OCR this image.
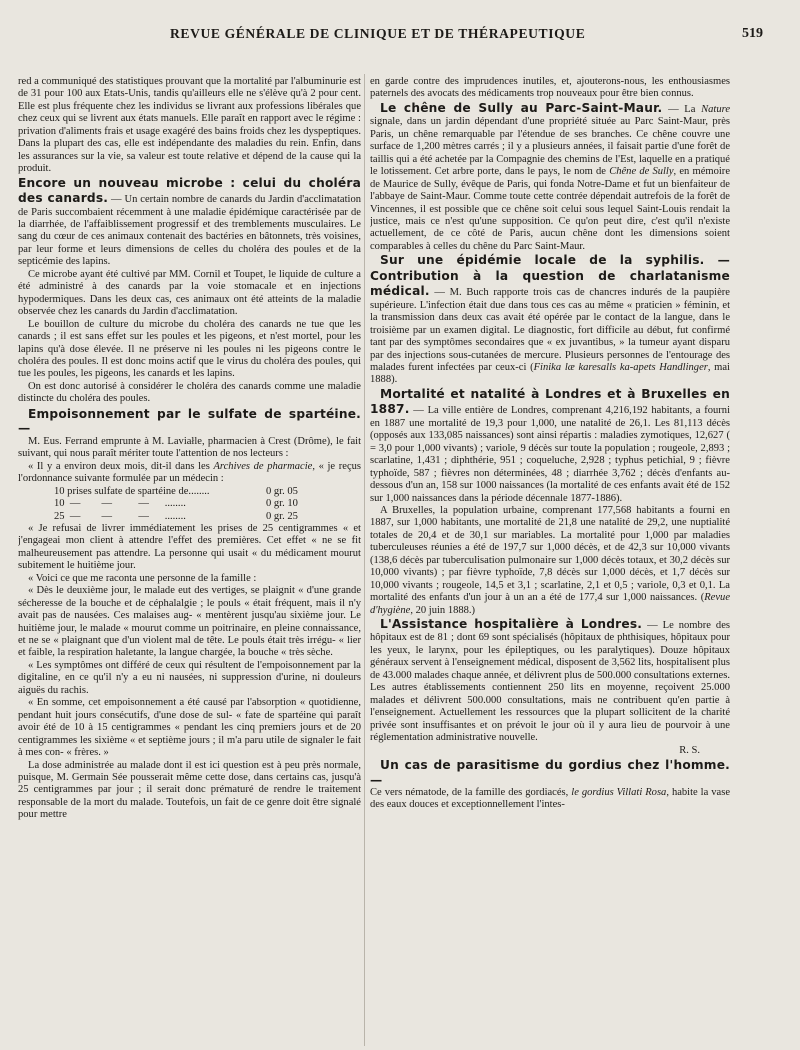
REVUE GÉNÉRALE DE CLINIQUE ET DE THÉRAPEUTIQUE	519

red a communiqué des statistiques prouvant que la mortalité par l'albuminurie est de 31 pour 100 aux Etats-Unis, tandis qu'ailleurs elle ne s'élève qu'à 2 pour cent. Elle est plus fréquente chez les individus se livrant aux professions libérales que chez ceux qui se livrent aux états manuels. Elle paraît en rapport avec le régime : privation d'aliments frais et usage exagéré des bains froids chez les dyspeptiques. Dans la plupart des cas, elle est indépendante des maladies du rein. Enfin, dans les assurances sur la vie, sa valeur est toute relative et dépend de la cause qui la produit.

Encore un nouveau microbe : celui du choléra des canards. — Un certain nombre de canards du Jardin d'acclimatation de Paris succombaient récemment à une maladie épidémique caractérisée par de la diarrhée, de l'affaiblissement progressif et des tremblements musculaires. Le sang du cœur de ces animaux contenait des bactéries en bâtonnets, très voisines, par leur forme et leurs dimensions de celles du choléra des poules et de la septicémie des lapins.

Ce microbe ayant été cultivé par MM. Cornil et Toupet, le liquide de culture a été administré à des canards par la voie stomacale et en injections hypodermiques. Dans les deux cas, ces animaux ont été atteints de la maladie observée chez les canards du Jardin d'acclimatation.

Le bouillon de culture du microbe du choléra des canards ne tue que les canards ; il est sans effet sur les poules et les pigeons, et n'est mortel, pour les lapins qu'à dose élevée. Il ne préserve ni les poules ni les pigeons contre le choléra des poules. Il est donc moins actif que le virus du choléra des poules, qui tue les poules, les pigeons, les canards et les lapins.

On est donc autorisé à considérer le choléra des canards comme une maladie distincte du choléra des poules.

Empoisonnement par le sulfate de spartéine. —

M. Eus. Ferrand emprunte à M. Laviałle, pharmacien à Crest (Drôme), le fait suivant, qui nous paraît mériter toute l'attention de nos lecteurs :

« Il y a environ deux mois, dit-il dans les Archives de pharmacie, « je reçus l'ordonnance suivante formulée par un médecin :

10 prises sulfate de spartéine de........	0 gr. 05
10  —        —          —      ........	0 gr. 10
25  —        —          —      ........	0 gr. 25

« Je refusai de livrer immédiatement les prises de 25 centigrammes « et j'engageai mon client à attendre l'effet des premières. Cet effet « ne se fit malheureusement pas attendre. La personne qui usait « du médicament mourut subitement le huitième jour.

« Voici ce que me raconta une personne de la famille :

« Dès le deuxième jour, le malade eut des vertiges, se plaignit « d'une grande sécheresse de la bouche et de céphalalgie ; le pouls « était fréquent, mais il n'y avait pas de nausées. Ces malaises aug- « mentèrent jusqu'au sixième jour. Le huitième jour, le malade « mourut comme un poitrinaire, en pleine connaissance, et ne se « plaignant que d'un violent mal de tête. Le pouls était très irrégu- « lier et faible, la respiration haletante, la langue chargée, la bouche « très sèche.

« Les symptômes ont différé de ceux qui résultent de l'empoisonnement par la digitaline, en ce qu'il n'y a eu ni nausées, ni suppression d'urine, ni douleurs aiguës du rachis.

« En somme, cet empoisonnement a été causé par l'absorption « quotidienne, pendant huit jours consécutifs, d'une dose de sul- « fate de spartéine qui paraît avoir été de 10 à 15 centigrammes « pendant les cinq premiers jours et de 20 centigrammes les sixième « et septième jours ; il m'a paru utile de signaler le fait à mes con- « frères. »

La dose administrée au malade dont il est ici question est à peu près normale, puisque, M. Germain Sée pousserait même cette dose, dans certains cas, jusqu'à 25 centigrammes par jour ; il serait donc prématuré de rendre le traitement responsable de la mort du malade. Toutefois, un fait de ce genre doit être signalé pour mettre

en garde contre des imprudences inutiles, et, ajouterons-nous, les enthousiasmes paternels des avocats des médicaments trop nouveaux pour être bien connus.

Le chêne de Sully au Parc-Saint-Maur. — La Nature signale, dans un jardin dépendant d'une propriété située au Parc Saint-Maur, près Paris, un chêne remarquable par l'étendue de ses branches. Ce chêne couvre une surface de 1,200 mètres carrés ; il y a plusieurs années, il faisait partie d'une forêt de taillis qui a été achetée par la Compagnie des chemins de l'Est, laquelle en a pratiqué le lotissement. Cet arbre porte, dans le pays, le nom de Chêne de Sully, en mémoire de Maurice de Sully, évêque de Paris, qui fonda Notre-Dame et fut un bienfaiteur de l'abbaye de Saint-Maur. Comme toute cette contrée dépendait autrefois de la forêt de Vincennes, il est possible que ce chêne soit celui sous lequel Saint-Louis rendait la justice, mais ce n'est qu'une supposition. Ce qu'on peut dire, c'est qu'il n'existe actuellement, de ce côté de Paris, aucun chêne dont les dimensions soient comparables à celles du chêne du Parc Saint-Maur.

Sur une épidémie locale de la syphilis. — Contribution à la question de charlatanisme médical. — M. Buch rapporte trois cas de chancres indurés de la paupière supérieure. L'infection était due dans tous ces cas au même « praticien » féminin, et la transmission dans deux cas avait été opérée par le contact de la langue, dans le troisième par un examen digital. Le diagnostic, fort difficile au début, fut confirmé tant par des symptômes secondaires que « ex juvantibus, » la tumeur ayant disparu par des injections sous-cutanées de mercure. Plusieurs personnes de l'entourage des malades furent infectées par ceux-ci (Finika læ karesalls ka-apets Handlinger, mai 1888).

Mortalité et natalité à Londres et à Bruxelles en 1887. — La ville entière de Londres, comprenant 4,216,192 habitants, a fourni en 1887 une mortalité de 19,3 pour 1,000, une natalité de 26,1. Les 81,113 décès (opposés aux 133,085 naissances) sont ainsi répartis : maladies zymotiques, 12,627 ( = 3,0 pour 1,000 vivants) ; variole, 9 décès sur toute la population ; rougeole, 2,893 ; scarlatine, 1,431 ; diphthérie, 951 ; coqueluche, 2,928 ; typhus petichial, 9 ; fièvre typhoïde, 587 ; fièvres non déterminées, 48 ; diarrhée 3,762 ; décès d'enfants au-dessous d'un an, 158 sur 1000 naissances (la mortalité de ces enfants avait été de 152 sur 1,000 naissances dans la période décennale 1877-1886).

A Bruxelles, la population urbaine, comprenant 177,568 habitants a fourni en 1887, sur 1,000 habitants, une mortalité de 21,8 une natalité de 29,2, une nuptialité totales de 20,4 et de 30,1 sur mariables. La mortalité pour 1,000 par maladies tuberculeuses réunies a été de 197,7 sur 1,000 décès, et de 42,3 sur 10,000 vivants (138,6 décès par tuberculisation pulmonaire sur 1,000 décès totaux, et 30,2 décès sur 10,000 vivants) ; par fièvre typhoïde, 7,8 décès sur 1,000 décès, et 1,7 décès sur 10,000 vivants ; rougeole, 14,5 et 3,1 ; scarlatine, 2,1 et 0,5 ; variole, 0,3 et 0,1. La mortalité des enfants d'un jour à un an a été de 177,4 sur 1,000 naissances. (Revue d'hygiène, 20 juin 1888.)

L'Assistance hospitalière à Londres. — Le nombre des hôpitaux est de 81 ; dont 69 sont spécialisés (hôpitaux de phthisiques, hôpitaux pour les yeux, le larynx, pour les épileptiques, ou les paralytiques). Douze hôpitaux généraux servent à l'enseignement médical, disposent de 3,562 lits, hospitalisent plus de 43.000 malades chaque année, et délivrent plus de 500.000 consultations externes. Les autres établissements contiennent 250 lits en moyenne, reçoivent 25.000 malades et délivrent 500.000 consultations, mais ne contribuent qu'en partie à l'enseignement. Actuellement les ressources que la plupart sollicitent de la charité privée sont insuffisantes et on prévoit le jour où il y aura lieu de pourvoir à une réglementation administrative nouvelle.

R. S.
Un cas de parasitisme du gordius chez l'homme. —

Ce vers nématode, de la famille des gordiacés, le gordius Villati Rosa, habite la vase des eaux douces et exceptionnellement l'intes-
